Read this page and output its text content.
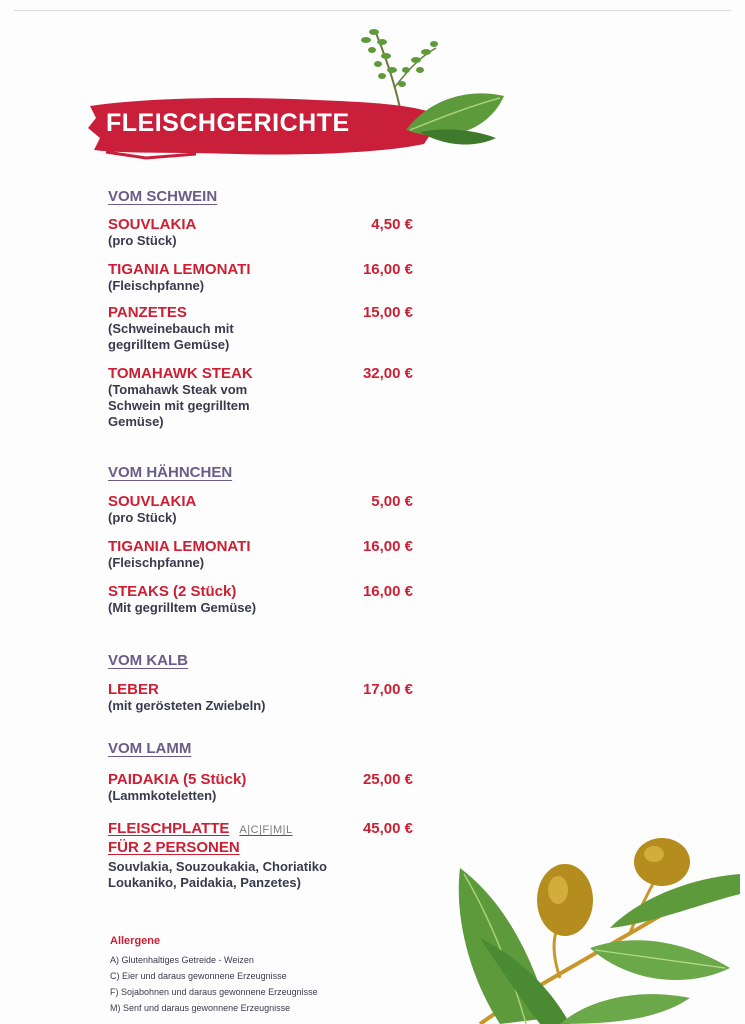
FLEISCHGERICHTE
VOM SCHWEIN
SOUVLAKIA
(pro Stück)
4,50 €
TIGANIA LEMONATI
(Fleischpfanne)
16,00 €
PANZETES
(Schweinebauch mit gegrilltem Gemüse)
15,00 €
TOMAHAWK STEAK
(Tomahawk Steak vom Schwein mit gegrilltem Gemüse)
32,00 €
VOM HÄHNCHEN
SOUVLAKIA
(pro Stück)
5,00 €
TIGANIA LEMONATI
(Fleischpfanne)
16,00 €
STEAKS (2 Stück)
(Mit gegrilltem Gemüse)
16,00 €
VOM KALB
LEBER
(mit gerösteten Zwiebeln)
17,00 €
VOM LAMM
PAIDAKIA (5 Stück)
(Lammkoteletten)
25,00 €
FLEISCHPLATTE A|C|F|M|L
FÜR 2 PERSONEN
Souvlakia, Souzoukakia, Choriatiko Loukaniko, Paidakia, Panzetes)
45,00 €
Allergene
A) Glutenhaltiges Getreide - Weizen
C) Eier und daraus gewonnene Erzeugnisse
F) Sojabohnen und daraus gewonnene Erzeugnisse
M) Senf und daraus gewonnene Erzeugnisse
